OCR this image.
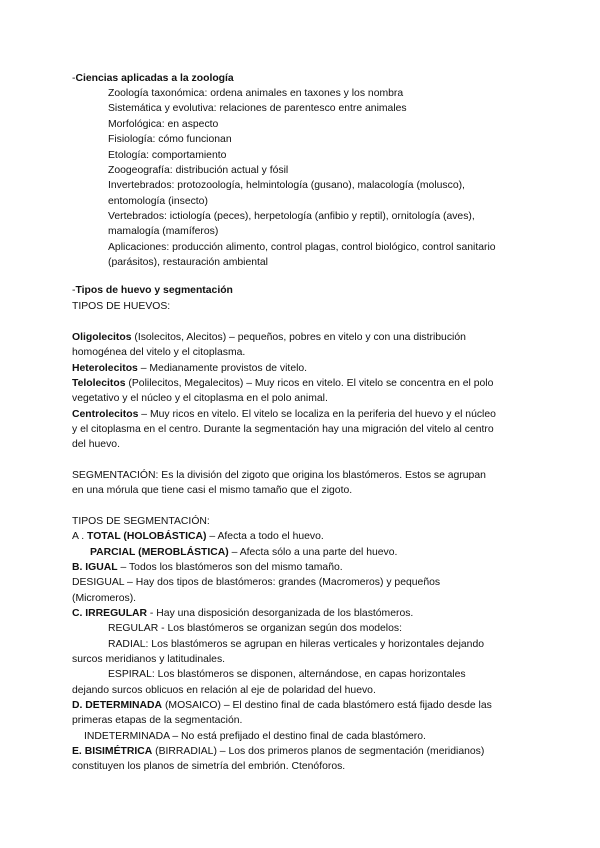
-Ciencias aplicadas a la zoología
Zoología taxonómica: ordena animales en taxones y los nombra
Sistemática y evolutiva: relaciones de parentesco entre animales
Morfológica: en aspecto
Fisiología: cómo funcionan
Etología: comportamiento
Zoogeografía: distribución actual y fósil
Invertebrados: protozoología, helmintología (gusano), malacología (molusco),
entomología (insecto)
Vertebrados: ictiología (peces), herpetología (anfibio y reptil), ornitología (aves),
mamalogía (mamíferos)
Aplicaciones: producción alimento, control plagas, control biológico, control sanitario
(parásitos), restauración ambiental
-Tipos de huevo y segmentación
TIPOS DE HUEVOS:
Oligolecitos (Isolecitos, Alecitos) – pequeños, pobres en vitelo y con una distribución
homogénea del vitelo y el citoplasma.
Heterolecitos – Medianamente provistos de vitelo.
Telolecitos (Polilecitos, Megalecitos) – Muy ricos en vitelo. El vitelo se concentra en el polo
vegetativo y el núcleo y el citoplasma en el polo animal.
Centrolecitos – Muy ricos en vitelo. El vitelo se localiza en la periferia del huevo y el núcleo
y el citoplasma en el centro. Durante la segmentación hay una migración del vitelo al centro
del huevo.
SEGMENTACIÓN: Es la división del zigoto que origina los blastómeros. Estos se agrupan
en una mórula que tiene casi el mismo tamaño que el zigoto.
TIPOS DE SEGMENTACIÓN:
A . TOTAL (HOLOBÁSTICA) – Afecta a todo el huevo.
PARCIAL (MEROBLÁSTICA) – Afecta sólo a una parte del huevo.
B. IGUAL – Todos los blastómeros son del mismo tamaño.
DESIGUAL – Hay dos tipos de blastómeros: grandes (Macromeros) y pequeños
(Micromeros).
C. IRREGULAR - Hay una disposición desorganizada de los blastómeros.
REGULAR - Los blastómeros se organizan según dos modelos:
RADIAL: Los blastómeros se agrupan en hileras verticales y horizontales dejando
surcos meridianos y latitudinales.
ESPIRAL: Los blastómeros se disponen, alternándose, en capas horizontales
dejando surcos oblicuos en relación al eje de polaridad del huevo.
D. DETERMINADA (MOSAICO) – El destino final de cada blastómero está fijado desde las
primeras etapas de la segmentación.
INDETERMINADA – No está prefijado el destino final de cada blastómero.
E. BISIMÉTRICA (BIRRADIAL) – Los dos primeros planos de segmentación (meridianos)
constituyen los planos de simetría del embrión. Ctenóforos.
